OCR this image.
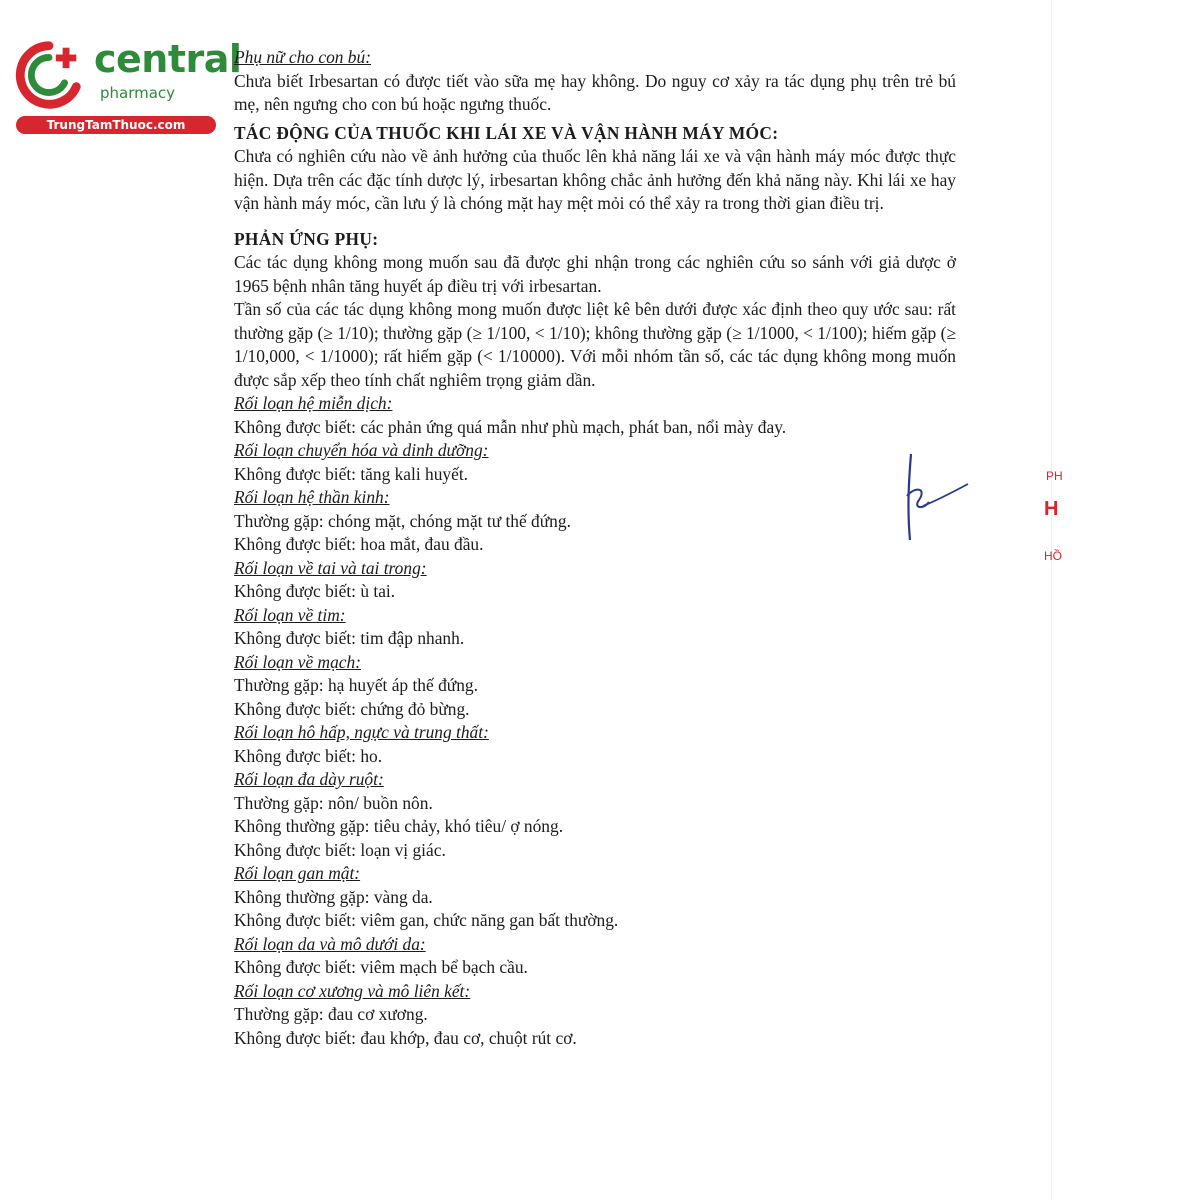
central
pharmacy
TrungTamThuoc.com

Phụ nữ cho con bú:

Chưa biết Irbesartan có được tiết vào sữa mẹ hay không. Do nguy cơ xảy ra tác dụng phụ trên trẻ bú mẹ, nên ngưng cho con bú hoặc ngưng thuốc.

TÁC ĐỘNG CỦA THUỐC KHI LÁI XE VÀ VẬN HÀNH MÁY MÓC:

Chưa có nghiên cứu nào về ảnh hưởng của thuốc lên khả năng lái xe và vận hành máy móc được thực hiện. Dựa trên các đặc tính dược lý, irbesartan không chắc ảnh hưởng đến khả năng này. Khi lái xe hay vận hành máy móc, cần lưu ý là chóng mặt hay mệt mỏi có thể xảy ra trong thời gian điều trị.

PHẢN ỨNG PHỤ:

Các tác dụng không mong muốn sau đã được ghi nhận trong các nghiên cứu so sánh với giả dược ở 1965 bệnh nhân tăng huyết áp điều trị với irbesartan.

Tần số của các tác dụng không mong muốn được liệt kê bên dưới được xác định theo quy ước sau: rất thường gặp (≥ 1/10); thường gặp (≥ 1/100, < 1/10); không thường gặp (≥ 1/1000, < 1/100); hiếm gặp (≥ 1/10,000, < 1/1000); rất hiếm gặp (< 1/10000). Với mỗi nhóm tần số, các tác dụng không mong muốn được sắp xếp theo tính chất nghiêm trọng giảm dần.

Rối loạn hệ miễn dịch:

Không được biết: các phản ứng quá mẫn như phù mạch, phát ban, nổi mày đay.

Rối loạn chuyển hóa và dinh dưỡng:

Không được biết: tăng kali huyết.

Rối loạn hệ thần kinh:

Thường gặp: chóng mặt, chóng mặt tư thế đứng.

Không được biết: hoa mắt, đau đầu.

Rối loạn về tai và tai trong:

Không được biết: ù tai.

Rối loạn về tim:

Không được biết: tim đập nhanh.

Rối loạn về mạch:

Thường gặp: hạ huyết áp thế đứng.

Không được biết: chứng đỏ bừng.

Rối loạn hô hấp, ngực và trung thất:

Không được biết: ho.

Rối loạn đa dày ruột:

Thường gặp: nôn/ buồn nôn.

Không thường gặp: tiêu chảy, khó tiêu/ ợ nóng.

Không được biết: loạn vị giác.

Rối loạn gan mật:

Không thường gặp: vàng da.

Không được biết: viêm gan, chức năng gan bất thường.

Rối loạn da và mô dưới da:

Không được biết: viêm mạch bể bạch cầu.

Rối loạn cơ xương và mô liên kết:

Thường gặp: đau cơ xương.

Không được biết: đau khớp, đau cơ, chuột rút cơ.

PH
H
HỒ
